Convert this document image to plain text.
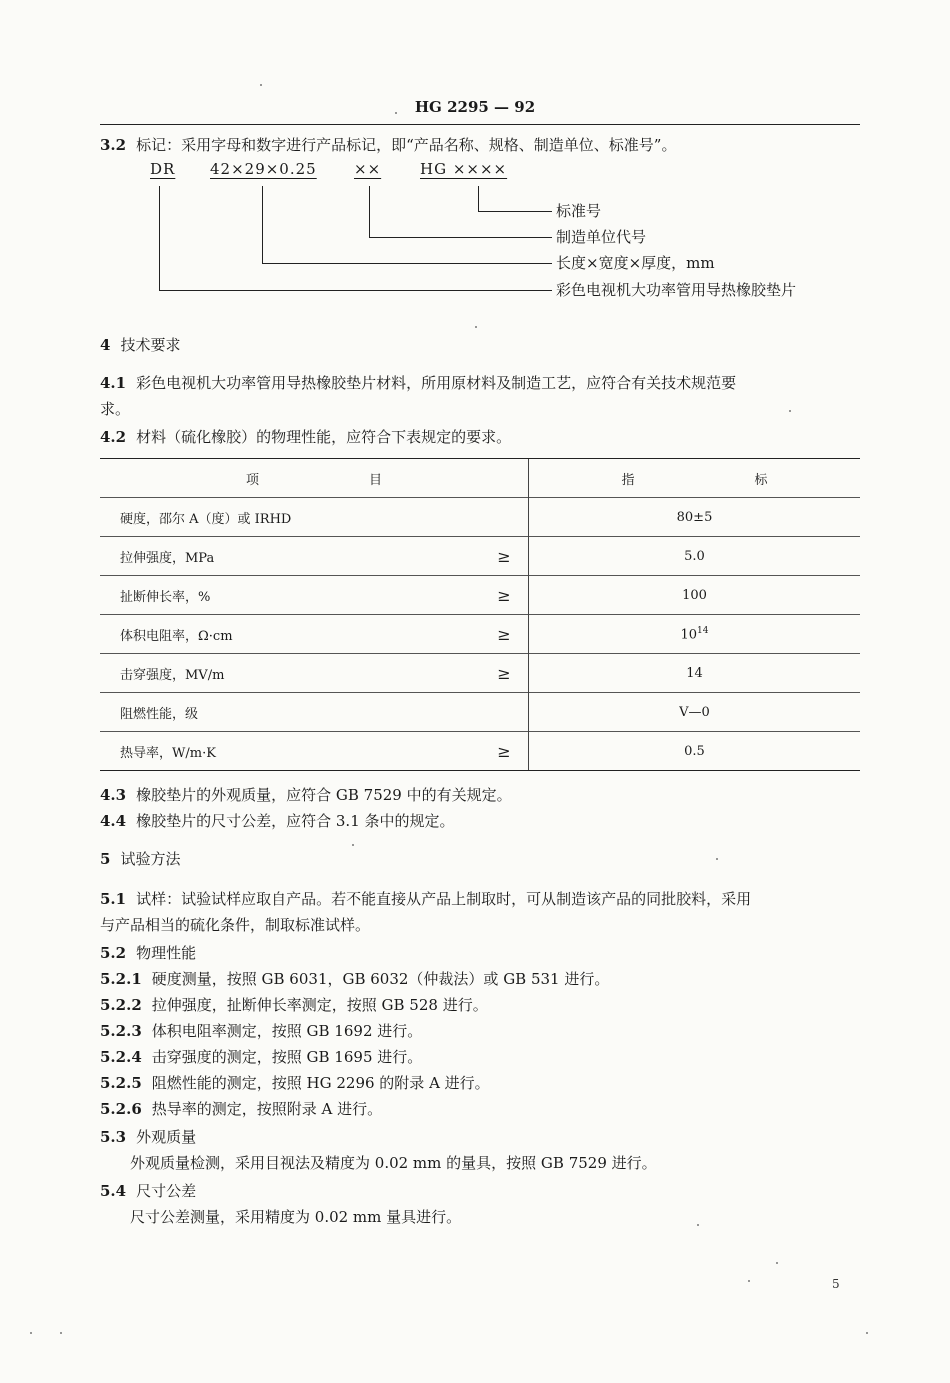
HG 2295 — 92
3.2 标记：采用字母和数字进行产品标记，即“产品名称、规格、制造单位、标准号”。
DR 42×29×0.25 ××	HG ××××
标准号
制造单位代号
长度×宽度×厚度，mm
彩色电视机大功率管用导热橡胶垫片
4 技术要求
4.1 彩色电视机大功率管用导热橡胶垫片材料，所用原材料及制造工艺，应符合有关技术规范要
求。
4.2 材料（硫化橡胶）的物理性能，应符合下表规定的要求。
项 目		指 标
硬度，邵尔 A（度）或 IRHD		80±5
拉伸强度，MPa	≥	5.0
扯断伸长率，%	≥	100
体积电阻率，Ω·cm	≥	$10^{14}$
击穿强度，MV/m	≥	14
阻燃性能，级		V—0
热导率，W/m·K	≥	0.5
4.3 橡胶垫片的外观质量，应符合 GB 7529 中的有关规定。
4.4 橡胶垫片的尺寸公差，应符合 3.1 条中的规定。
5 试验方法
5.1 试样：试验试样应取自产品。若不能直接从产品上制取时，可从制造该产品的同批胶料，采用
与产品相当的硫化条件，制取标准试样。
5.2 物理性能
5.2.1 硬度测量，按照 GB 6031，GB 6032（仲裁法）或 GB 531 进行。
5.2.2 拉伸强度，扯断伸长率测定，按照 GB 528 进行。
5.2.3 体积电阻率测定，按照 GB 1692 进行。
5.2.4 击穿强度的测定，按照 GB 1695 进行。
5.2.5 阻燃性能的测定，按照 HG 2296 的附录 A 进行。
5.2.6 热导率的测定，按照附录 A 进行。
5.3 外观质量
外观质量检测，采用目视法及精度为 0.02 mm 的量具，按照 GB 7529 进行。
5.4 尺寸公差
尺寸公差测量，采用精度为 0.02 mm 量具进行。
5
